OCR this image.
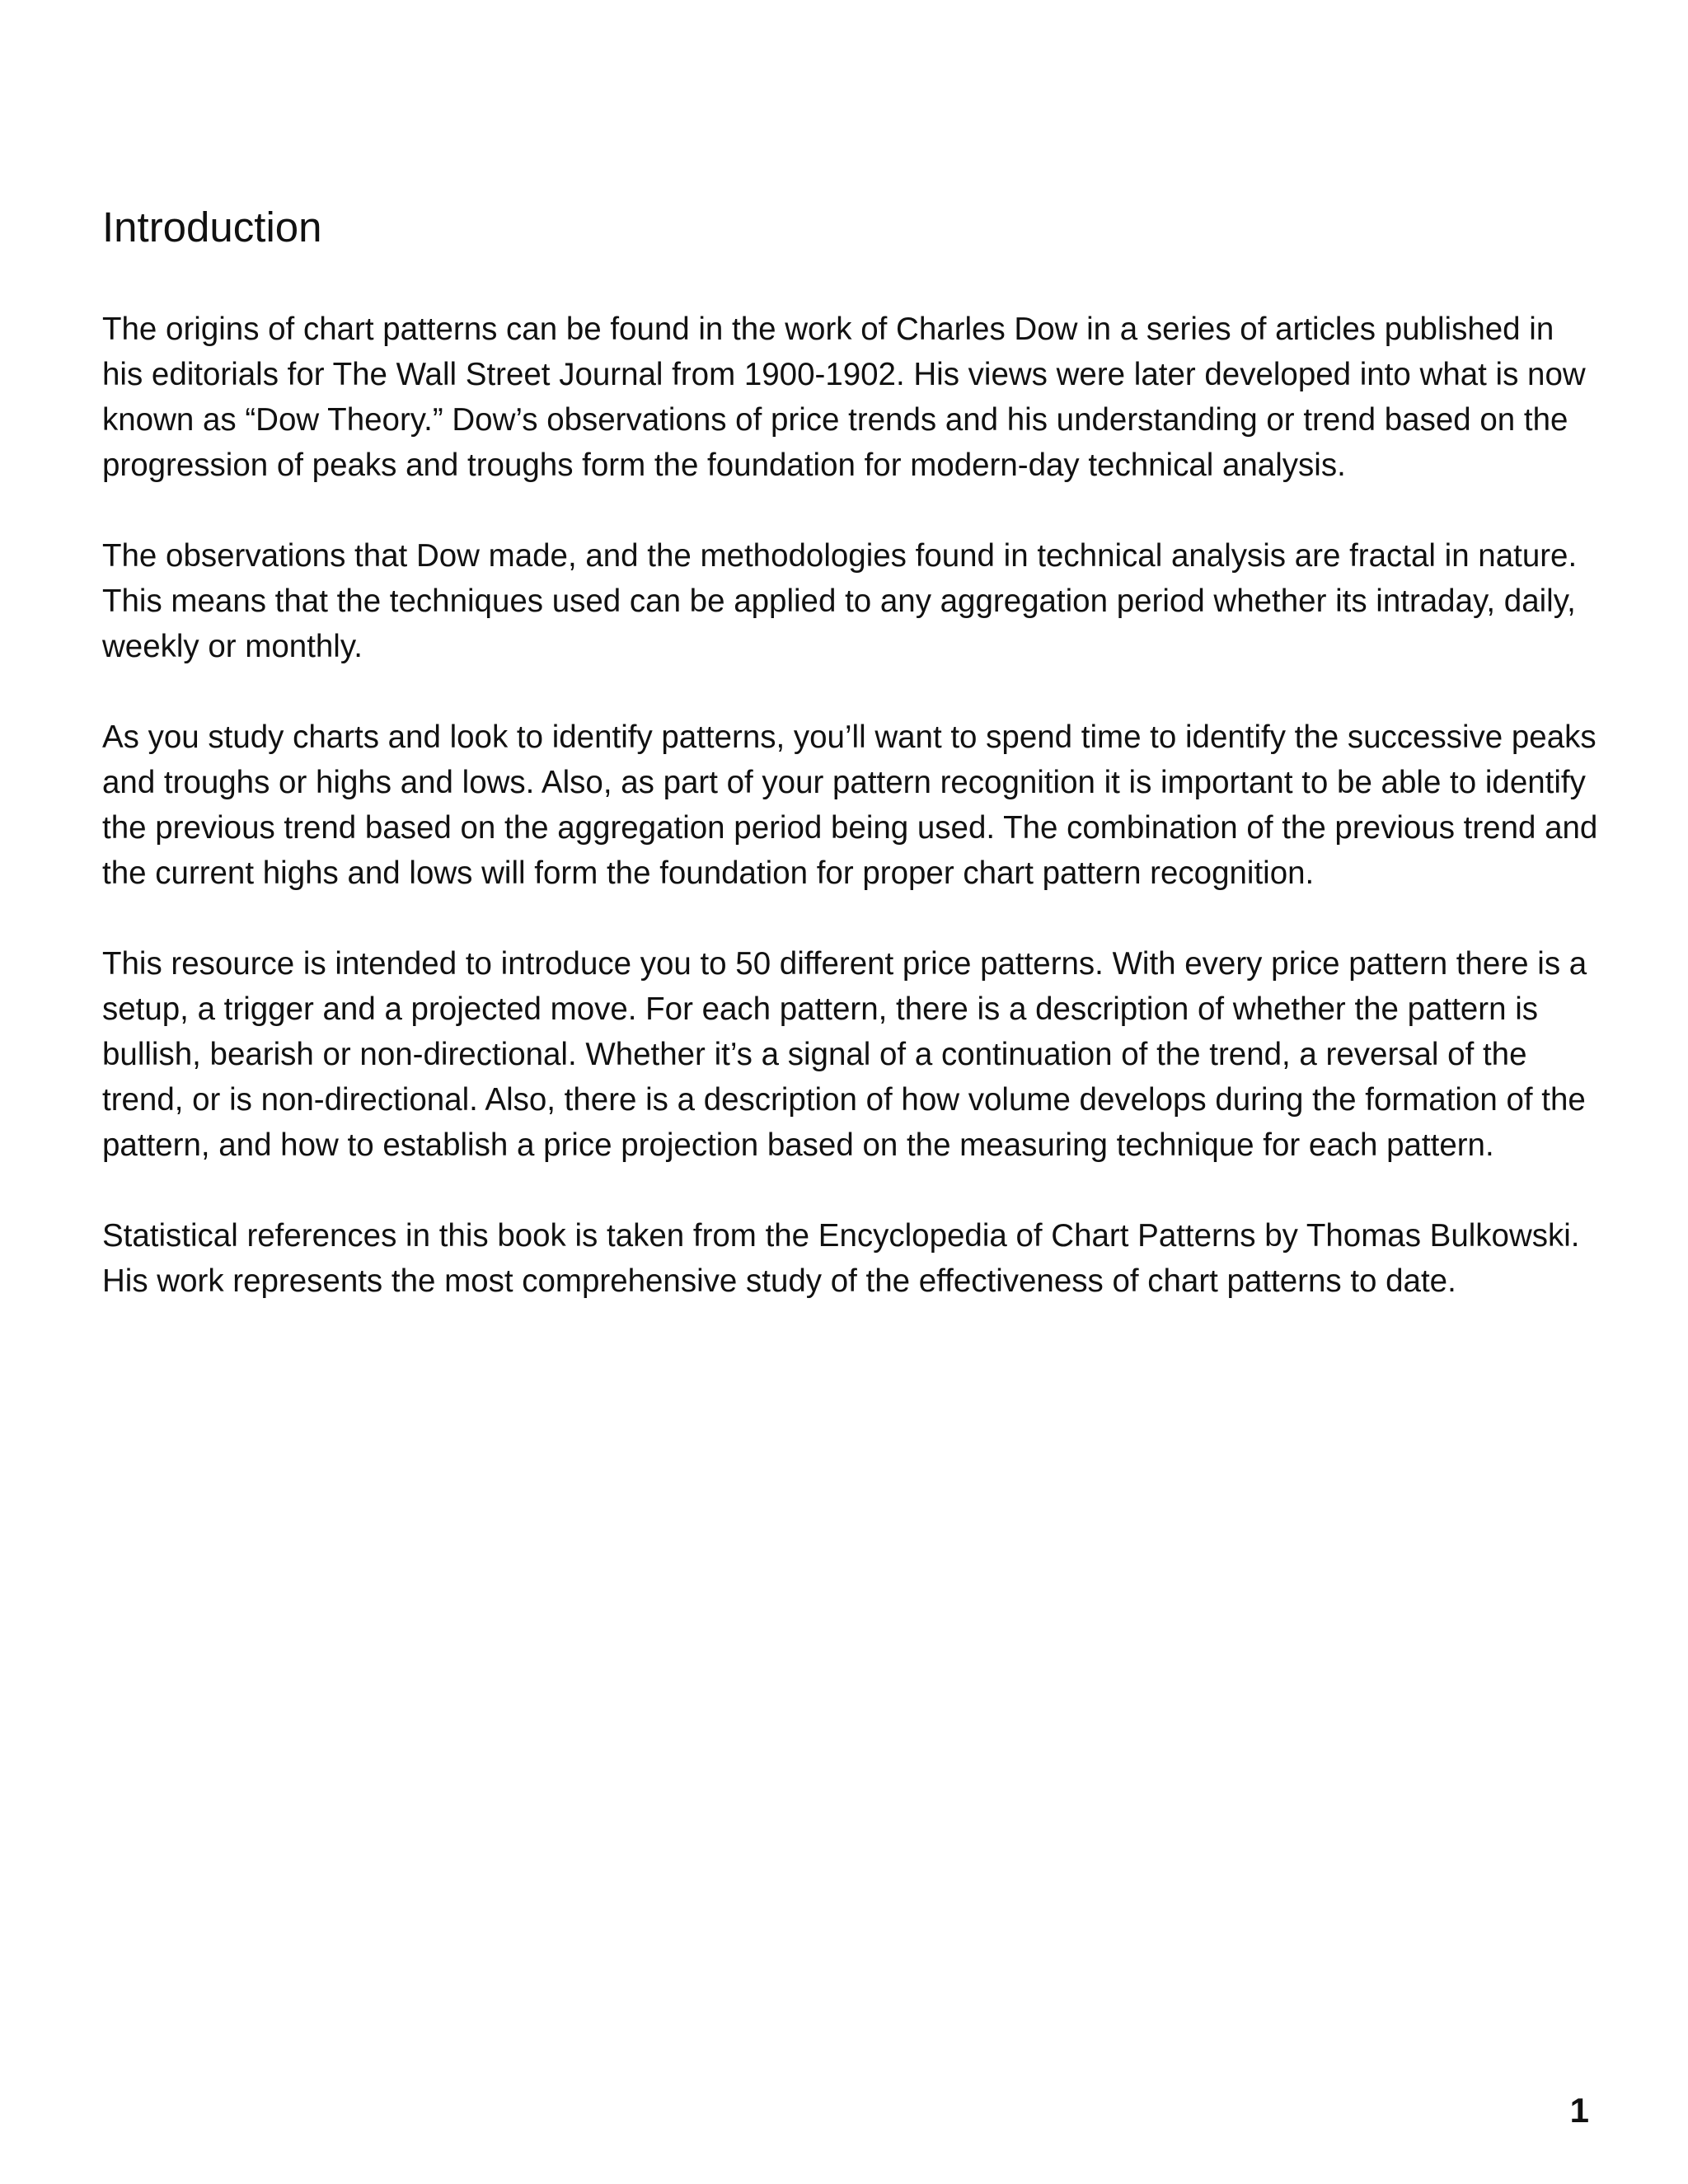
Introduction

The origins of chart patterns can be found in the work of Charles Dow in a series of articles published in his editorials for The Wall Street Journal from 1900-1902. His views were later developed into what is now known as “Dow Theory.” Dow’s observations of price trends and his understanding or trend based on the progression of peaks and troughs form the foundation for modern-day technical analysis.

The observations that Dow made, and the methodologies found in technical analysis are fractal in nature. This means that the techniques used can be applied to any aggregation period whether its intraday, daily, weekly or monthly.

As you study charts and look to identify patterns, you’ll want to spend time to identify the successive peaks and troughs or highs and lows. Also, as part of your pattern recognition it is important to be able to identify the previous trend based on the aggregation period being used. The combination of the previous trend and the current highs and lows will form the foundation for proper chart pattern recognition.

This resource is intended to introduce you to 50 different price patterns. With every price pattern there is a setup, a trigger and a projected move. For each pattern, there is a description of whether the pattern is bullish, bearish or non-directional. Whether it’s a signal of a continuation of the trend, a reversal of the trend, or is non-directional. Also, there is a description of how volume develops during the formation of the pattern, and how to establish a price projection based on the measuring technique for each pattern.

Statistical references in this book is taken from the Encyclopedia of Chart Patterns by Thomas Bulkowski. His work represents the most comprehensive study of the effectiveness of chart patterns to date.

1
